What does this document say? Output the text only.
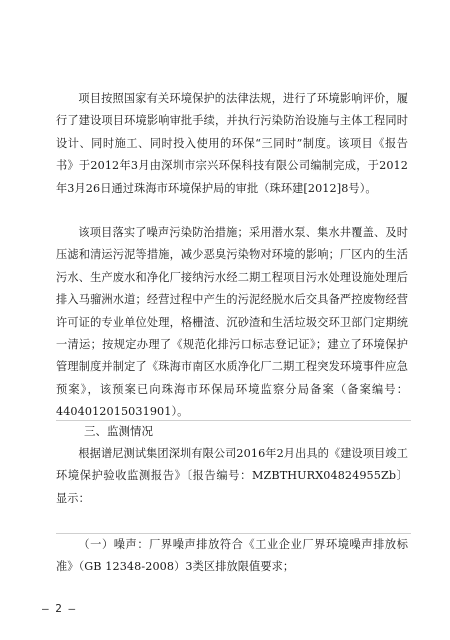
项目按照国家有关环境保护的法律法规，进行了环境影响评价，履行了建设项目环境影响审批手续，并执行污染防治设施与主体工程同时设计、同时施工、同时投入使用的环保“三同时”制度。该项目《报告书》于2012年3月由深圳市宗兴环保科技有限公司编制完成，于2012年3月26日通过珠海市环境保护局的审批（珠环建[2012]8号）。

该项目落实了噪声污染防治措施；采用潜水泵、集水井覆盖、及时压滤和清运污泥等措施，减少恶臭污染物对环境的影响；厂区内的生活污水、生产废水和净化厂接纳污水经二期工程项目污水处理设施处理后排入马骝洲水道；经营过程中产生的污泥经脱水后交具备严控废物经营许可证的专业单位处理，格栅渣、沉砂渣和生活垃圾交环卫部门定期统一清运；按规定办理了《规范化排污口标志登记证》；建立了环境保护管理制度并制定了《珠海市南区水质净化厂二期工程突发环境事件应急预案》，该预案已向珠海市环保局环境监察分局备案（备案编号：4404012015031901）。

三、监测情况

根据谱尼测试集团深圳有限公司2016年2月出具的《建设项目竣工环境保护验收监测报告》〔报告编号：MZBTHURX04824955Zb〕显示：

（一）噪声：厂界噪声排放符合《工业企业厂界环境噪声排放标准》（GB 12348-2008）3类区排放限值要求；

— 2 —
